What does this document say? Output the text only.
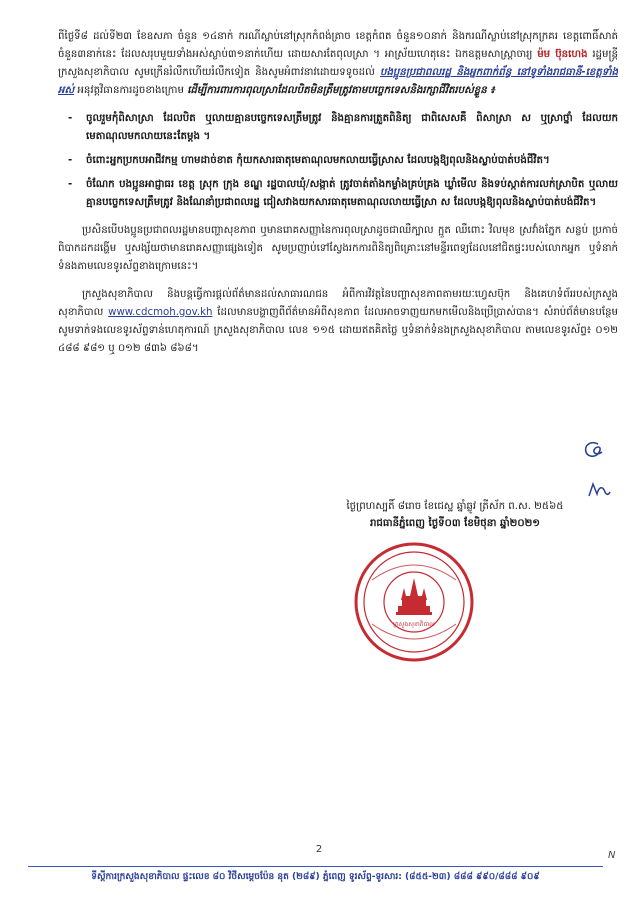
ពីថ្ងៃទី៨ ដល់ទី២៣ ខែឧសភា ចំនួន ១៤នាក់ ករណីស្លាប់នៅស្រុកកំពង់ត្រាច ខេត្តកំពត ចំនួន១០នាក់ និងករណីស្លាប់នៅស្រុកក្រគរ ខេត្តពោធិ៍សាត់ ចំនួន៣នាក់នេះ ដែលសរុបមួយទាំងអស់ស្លាប់៣១នាក់ហើយ ដោយសារតែពុលស្រា ។ អាស្រ័យហេតុនេះ ឯកឧត្តមសាស្ត្រាចារ្យ ម៉ម ប៊ុនហេង រដ្ឋមន្ត្រីក្រសួងសុខាភិបាល សូមក្រើនរំលឹកហើយរំលឹកទៀត និងសូមអំពាវនាវដោយទទូចដល់ បងប្អូនប្រជាពលរដ្ឋ និងអ្នកពាក់ព័ន្ធ នៅទូទាំងរាជធានី-ខេត្តទាំងអស់ អនុវត្តវិធានការដូចខាងក្រោម ដើម្បីការពារការពុលស្រាដែលបិតមិនត្រឹមត្រូវតាមបច្ចេកទេសនិងរក្សាជីវិតរបស់ខ្លួន ៖

- ចូលរួមកុំពិសាស្រា ដែលបិត ឬលាយគ្មានបច្ចេកទេសត្រឹមត្រូវ និងគ្មានការត្រួតពិនិត្យ ជាពិសេសគឺ ពិសាស្រា ស ឬស្រាថ្នាំ ដែលយកមេតាណុលមកលាយនេះតែម្តង ។
- ចំពោះអ្នកប្រកបអាជីវកម្ម ហាមដាច់ខាត កុំយកសារធាតុមេតាណុលមកលាយធ្វើស្រាស ដែលបង្កឱ្យពុលនិងស្លាប់បាត់បង់ជីវិត។
- ចំណែក បងប្អូនអាជ្ញាធរ ខេត្ត ស្រុក ក្រុង ខណ្ឌ រដ្ឋបាលឃុំ/សង្កាត់ ត្រូវចាត់តាំងកម្លាំងគ្រប់គ្រង ឃ្លាំមើល និងទប់ស្កាត់ការលក់ស្រាបិត ឬលាយគ្មានបច្ចេកទេសត្រឹមត្រូវ និងណែនាំប្រជាពលរដ្ឋ ជៀសវាងយកសារធាតុមេតាណុលលាយធ្វើស្រា ស ដែលបង្កឱ្យពុលនិងស្លាប់បាត់បង់ជីវិត។

ប្រសិនបើបងប្អូនប្រជាពលរដ្ឋមានបញ្ហាសុខភាព ឬមានរោគសញ្ញានៃការពុលស្រាដូចជាឈឺក្បាល ក្អួត ឈឺពោះ វិលមុខ ស្រវាំងភ្នែក សន្លប់ ប្រកាច់ ពិបាកដកដង្ហើម ឬសង្ស័យថាមានរោគសញ្ញាផ្សេងទៀត សូមប្រញាប់ទៅស្វែងរកការពិនិត្យពិគ្រោះនៅមន្ទីរពេទ្យដែលនៅជិតផ្ទះរបស់លោកអ្នក ឬទំនាក់ទំនងតាមលេខទូរស័ព្ទខាងក្រោមនេះ។

ក្រសួងសុខាភិបាល និងបន្តធ្វើការផ្តល់ព័ត៌មានដល់សាធារណជន អំពីការវិវត្តនៃបញ្ហាសុខភាពតាមរយៈហ្វេសប៊ុក និងគេហទំព័ររបស់ក្រសួងសុខាភិបាល www.cdcmoh.gov.kh ដែលមានបង្ហាញពីព័ត៌មានអំពីសុខភាព ដែលអាចទាញយកមកមើលនិងប្រើប្រាស់បាន។ សំរាប់ព័ត៌មានបន្ថែម សូមទាក់ទងលេខទូរស័ព្ទទាន់ហេតុការណ៍ ក្រសួងសុខាភិបាល លេខ ១១៥ ដោយឥតគិតថ្លៃ ឬទំនាក់ទំនងក្រសួងសុខាភិបាល តាមលេខទូរស័ព្ទ៖ ០១២ ៤៨៨ ៩៨១ ឬ ០១២ ៨៣៦ ៨៦៨។

ថ្ងៃព្រហស្បតិ៍ ៨រោច ខែជេស្ឋ ឆ្នាំឆ្លូវ ត្រីស័ក ព.ស. ២៥៦៥
រាជធានីភ្នំពេញ ថ្ងៃទី០៣ ខែមិថុនា ឆ្នាំ២០២១
ក្រសួងសុខាភិបាល
2
N
ទីស្តីការក្រសួងសុខាភិបាល ផ្ទះលេខ ៨០ វិថីសម្តេចប៉ែន នុត (២៨៩) ភ្នំពេញ ទូរស័ព្ទ-ទូរសារ: (៨៥៥-២៣) ៨៨៨ ៩៩០/៨៨៨ ៩០៩
